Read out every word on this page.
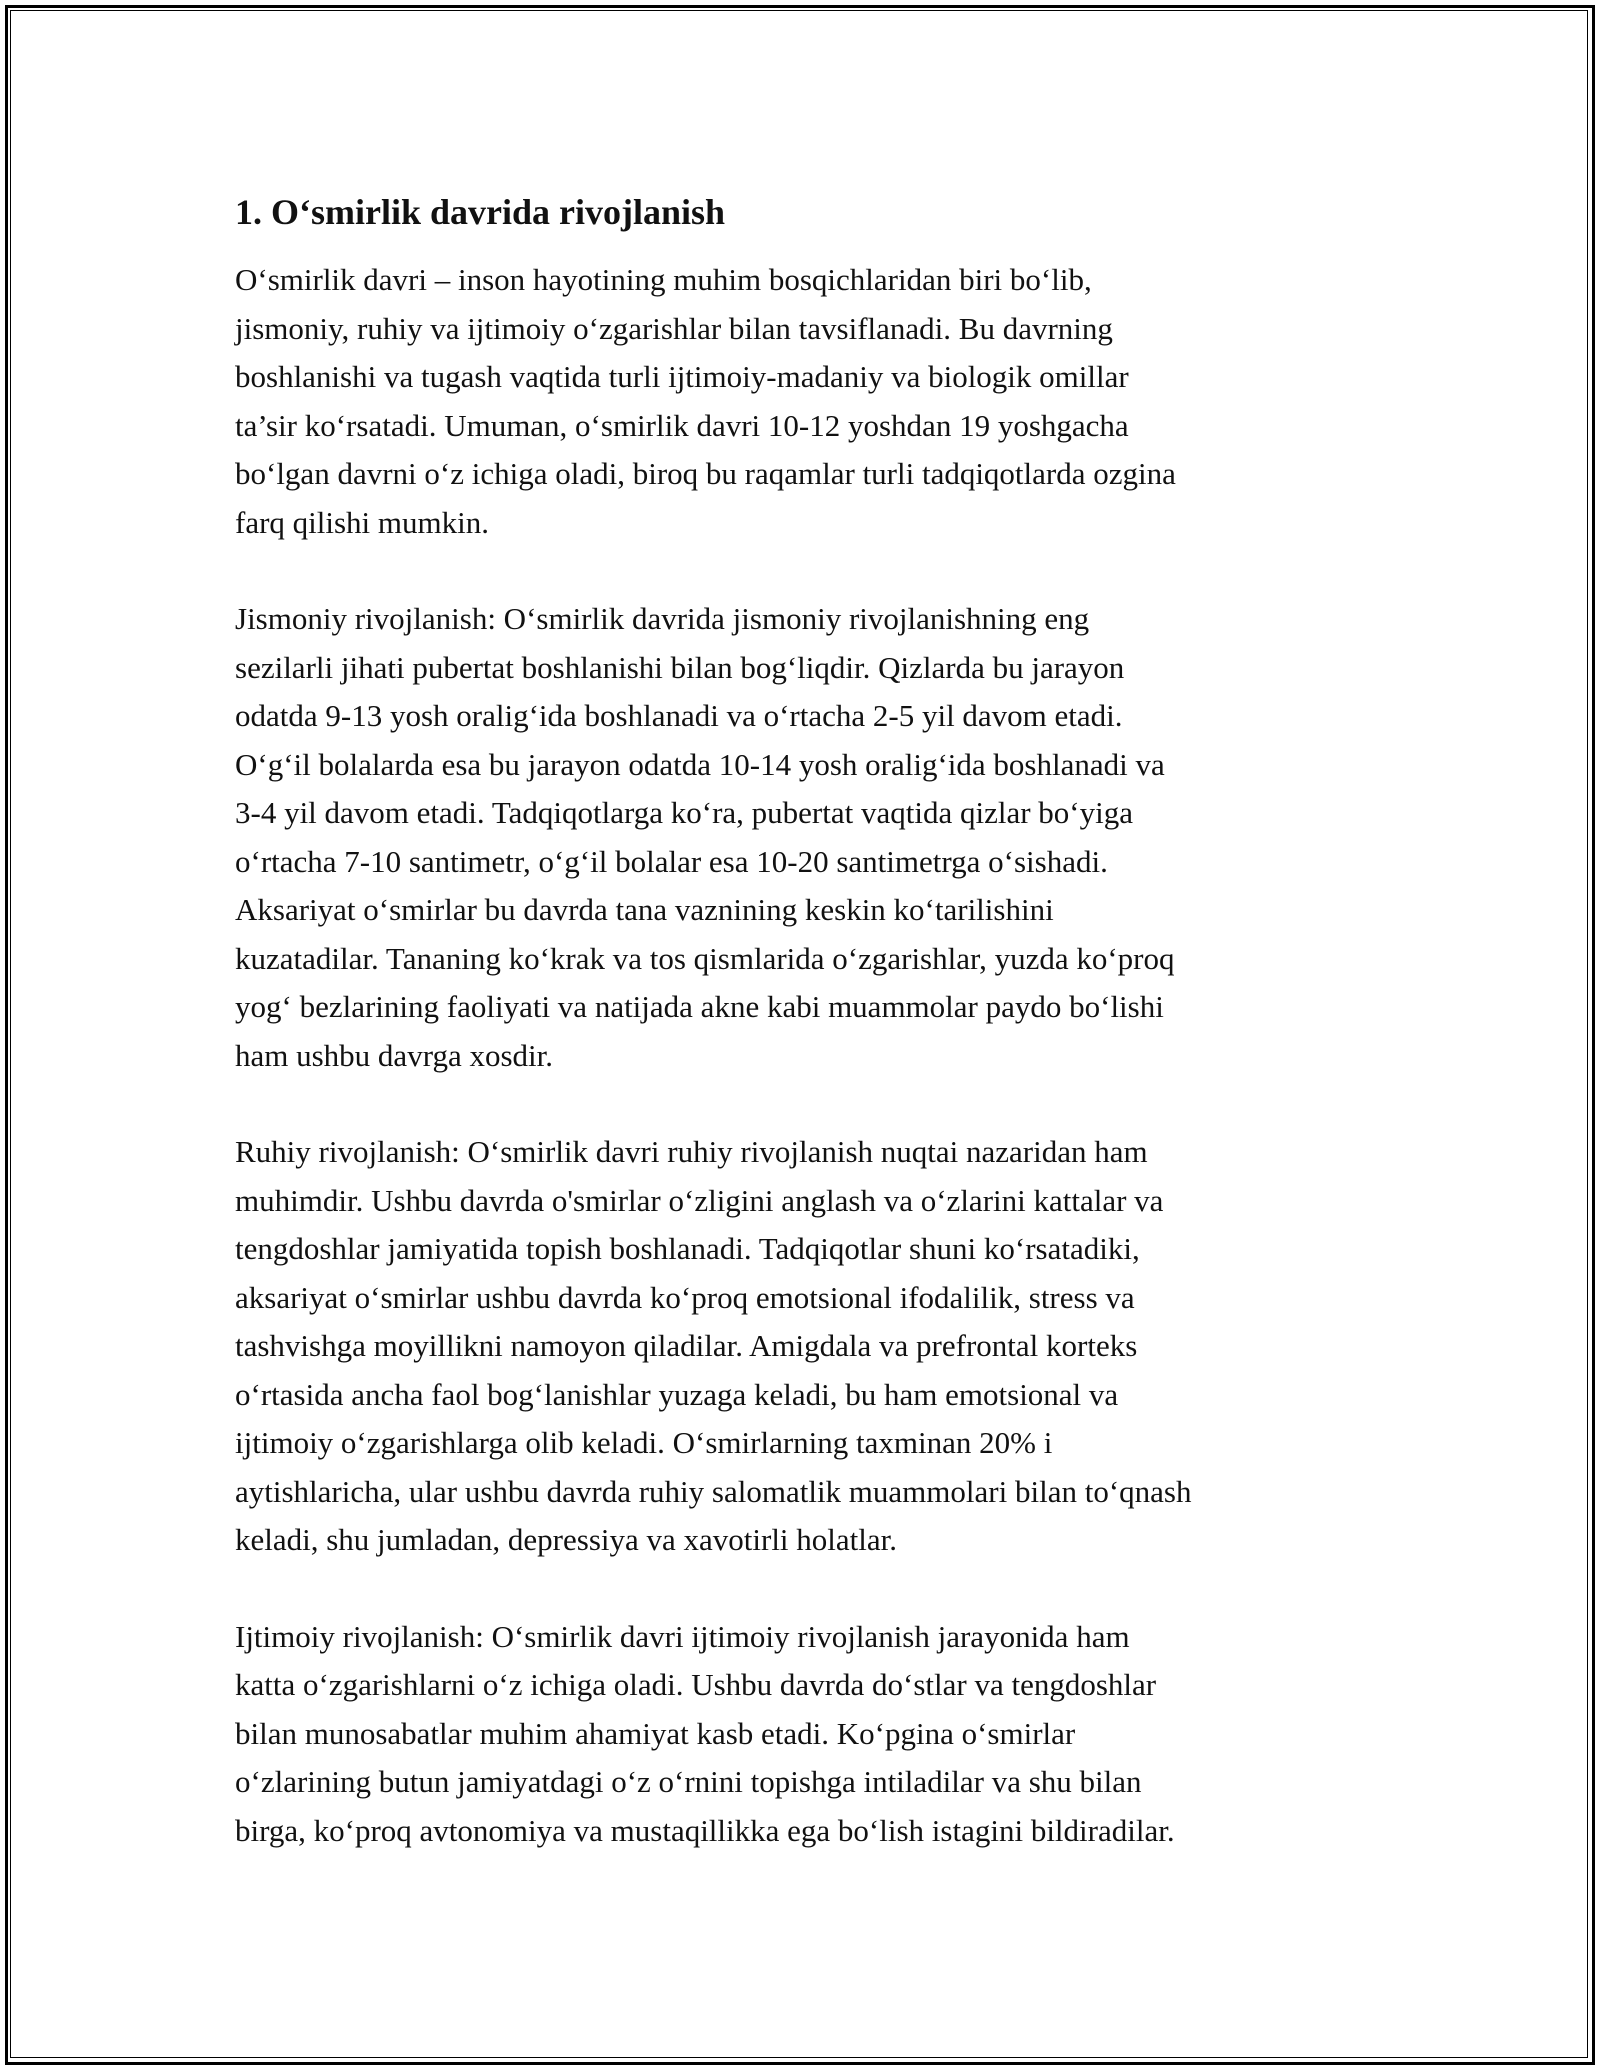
1. O‘smirlik davrida rivojlanish
O‘smirlik davri – inson hayotining muhim bosqichlaridan biri bo‘lib,
jismoniy, ruhiy va ijtimoiy o‘zgarishlar bilan tavsiflanadi. Bu davrning
boshlanishi va tugash vaqtida turli ijtimoiy-madaniy va biologik omillar
ta’sir ko‘rsatadi. Umuman, o‘smirlik davri 10-12 yoshdan 19 yoshgacha
bo‘lgan davrni o‘z ichiga oladi, biroq bu raqamlar turli tadqiqotlarda ozgina
farq qilishi mumkin.
Jismoniy rivojlanish: O‘smirlik davrida jismoniy rivojlanishning eng
sezilarli jihati pubertat boshlanishi bilan bog‘liqdir. Qizlarda bu jarayon
odatda 9-13 yosh oralig‘ida boshlanadi va o‘rtacha 2-5 yil davom etadi.
O‘g‘il bolalarda esa bu jarayon odatda 10-14 yosh oralig‘ida boshlanadi va
3-4 yil davom etadi. Tadqiqotlarga ko‘ra, pubertat vaqtida qizlar bo‘yiga
o‘rtacha 7-10 santimetr, o‘g‘il bolalar esa 10-20 santimetrga o‘sishadi.
Aksariyat o‘smirlar bu davrda tana vaznining keskin ko‘tarilishini
kuzatadilar. Tananing ko‘krak va tos qismlarida o‘zgarishlar, yuzda ko‘proq
yog‘ bezlarining faoliyati va natijada akne kabi muammolar paydo bo‘lishi
ham ushbu davrga xosdir.
Ruhiy rivojlanish: O‘smirlik davri ruhiy rivojlanish nuqtai nazaridan ham
muhimdir. Ushbu davrda o'smirlar o‘zligini anglash va o‘zlarini kattalar va
tengdoshlar jamiyatida topish boshlanadi. Tadqiqotlar shuni ko‘rsatadiki,
aksariyat o‘smirlar ushbu davrda ko‘proq emotsional ifodalilik, stress va
tashvishga moyillikni namoyon qiladilar. Amigdala va prefrontal korteks
o‘rtasida ancha faol bog‘lanishlar yuzaga keladi, bu ham emotsional va
ijtimoiy o‘zgarishlarga olib keladi. O‘smirlarning taxminan 20% i
aytishlaricha, ular ushbu davrda ruhiy salomatlik muammolari bilan to‘qnash
keladi, shu jumladan, depressiya va xavotirli holatlar.
Ijtimoiy rivojlanish: O‘smirlik davri ijtimoiy rivojlanish jarayonida ham
katta o‘zgarishlarni o‘z ichiga oladi. Ushbu davrda do‘stlar va tengdoshlar
bilan munosabatlar muhim ahamiyat kasb etadi. Ko‘pgina o‘smirlar
o‘zlarining butun jamiyatdagi o‘z o‘rnini topishga intiladilar va shu bilan
birga, ko‘proq avtonomiya va mustaqillikka ega bo‘lish istagini bildiradilar.
